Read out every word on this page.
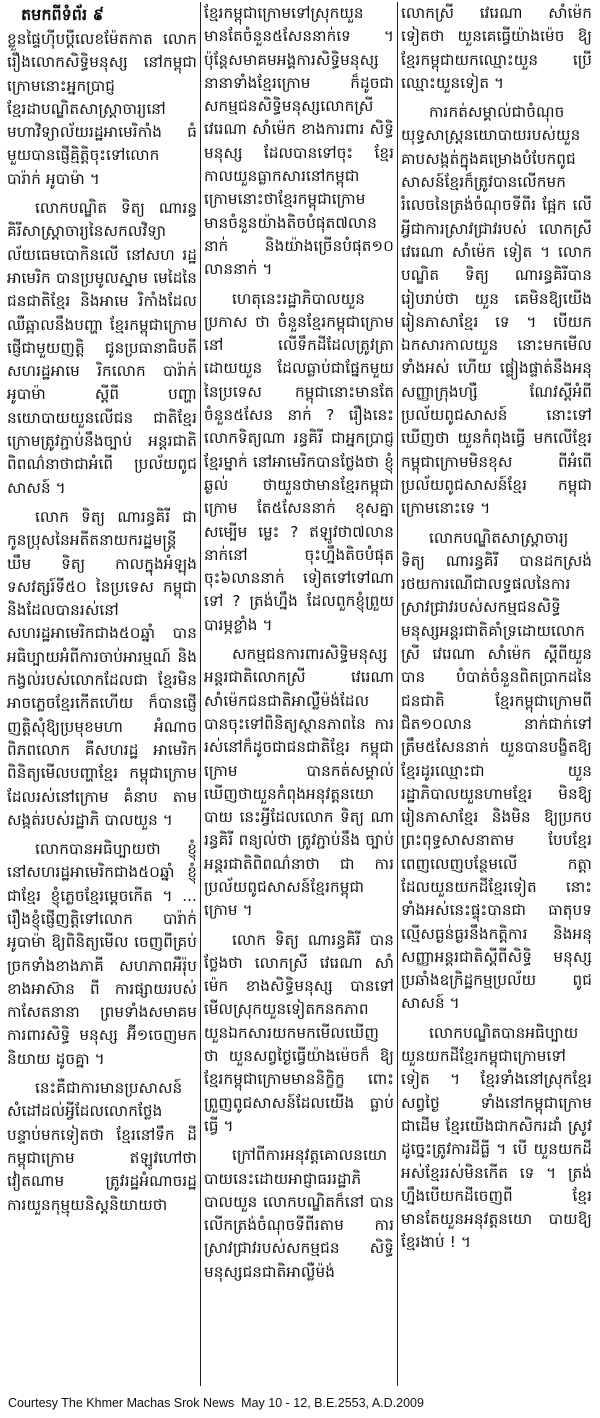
តមកពីទំព័រ ៩

ខ្លួនផ្ទៃហ៊ីបប្តីលេខម៉ែតកាត លោករឿងលោកសិទ្ធិមនុស្ស នៅកម្ពុជាក្រោមនោះអ្នកប្រាជ្ញ ខ្មែរដាបណ្ឌិតសាស្ត្រាចារ្យនៅ មហាវិទ្យាល័យរដ្ឋអាមេរិកាំង ធំមួយបានផ្ញើគ្មិតិ្តចុះទៅលោក បារ៉ាក់ អូបាម៉ា ។

លោកបណ្ឌិត ទិត្យ ណារន្ធ គិរីសាស្ត្រាចារ្យនៃសកលវិទ្យា ល័យធេមបោកិនលើ នៅសហ រដ្ឋអាមេរិក បានប្រមូលស្នាម មេដៃនៃជនជាតិខ្មែរ និងអាមេ រិកាំងដែលឈឺឆ្អាលនឹងបញ្ហា ខ្មែរកម្ពុជាក្រោមផ្ញើជាមួយញត្តិ ជូនប្រធានាធិបតីសហរដ្ឋអាមេ រិកលោក បារ៉ាក់ អូបាម៉ា ស្តីពី បញ្ហានយោបាយយួនលើជន ជាតិខ្មែរក្រោមត្រូវភ្ជាប់នឹងច្បាប់ អន្តរជាតិ ពិពណ៌នាថាជាអំពើ ប្រល័យពូជសាសន៍ ។

លោក ទិត្យ ណារន្ធគិរី ជា កូនប្រុសនៃអតីតនាយករដ្ឋមន្ត្រី ឃឹម ទិត្យ កាលក្នុងអំឡុង ទសវត្សរ៍ទី៥០ នៃប្រទេស កម្ពុជា និងដែលបានរស់នៅ សហរដ្ឋអាមេរិកជាង៥០ឆ្នាំ បានអធិប្បាយអំពីការចាប់អារម្មណ៍ និងកង្វល់របស់លោកដែលជា ខ្មែរមិនអាចភ្លេចខ្មែរកើតហើយ ក៏បានផ្ញើញត្តិសុំឱ្យប្រមុខមហា អំណាចពិភពលោក គឺសហរដ្ឋ អាមេរិកពិនិត្យមើលបញ្ហាខ្មែរ កម្ពុជាក្រោមដែលរស់នៅក្រោម គំនាប តាមសង្កត់របស់រដ្ឋាភិ បាលយួន ។

លោកបានអធិប្បាយថា ខ្ញុំ នៅសហរដ្ឋអាមេរិកជាង៥០ឆ្នាំ ខ្ញុំជាខ្មែរ ខ្ញុំភ្លេចខ្មែរម្តេចកើត ។ ... រឿងខ្ញុំផ្ញើញត្តិទៅលោក បារ៉ាក់ អូបាម៉ា ឱ្យពិនិត្យមើល ចេញពីគ្រប់ច្រកទាំងខាងភាគី សហភាពអឺរ៉ុប ខាងអាស៊ាន ពី ការផ្សាយរបស់កាសែតនានា ព្រមទាំងសមាគមការពារសិទ្ធិ មនុស្ស អ៊ី១ចេញមកនិយាយ ដូចគ្នា ។

នេះគឺជាការមានប្រសាសន៍ សំដៅដល់អ្វីដែលលោកថ្លែង បន្ទាប់មកទៀតថា ខ្មែរនៅទឹក ដីកម្ពុជាក្រោម ឥឡូវហៅថា វៀតណាម ត្រូវរដ្ឋអំណាចរដ្ឋ ការយួនកុម្មុយនិស្តនិយាយថា

ខ្មែរកម្ពុជាក្រោមទៅស្រុកយួន មានតែចំនួន៥សែននាក់ទេ ។ ប៉ុន្តែសមាគមអង្គការសិទ្ធិមនុស្ស នានាទាំងខ្មែរក្រោម ក៏ដូចជា សកម្មជនសិទ្ធិមនុស្សលោកស្រី វេរេណា សាំម៉េក ខាងការពារ សិទ្ធិមនុស្ស ដែលបានទៅចុះ ខ្មែរកាលយួនធ្លាកសារនៅកម្ពុជា ក្រោមនោះថាខ្មែរកម្ពុជាក្រោម មានចំនួនយ៉ាងតិចបំផុត៧លាន នាក់ និងយ៉ាងច្រើនបំផុត១០ លាននាក់ ។

ហេតុនេះរដ្ឋាភិបាលយួនប្រកាស ថា ចំនួនខ្មែរកម្ពុជាក្រោមនៅ លើទឹកដីដែលត្រូវត្រាដោយយួន ដែលធ្លាប់ជាផ្នែកមួយនៃប្រទេស កម្ពុជានោះមានតែចំនួន៥សែន នាក់ ? រឿងនេះលោកទិត្យណា រន្ធគិរី ជាអ្នកប្រាជ្ញខ្មែរម្នាក់ នៅអាមេរិកបានថ្លែងថា ខ្ញុំឆ្ងល់ ថាយួនថាមានខ្មែរកម្ពុជាក្រោម តែ៥សែននាក់ ខុសគ្នាសម្បើម ម្លេះ ? ឥឡូវថា៧លាននាក់នៅ ចុះហ្នឹងតិចបំផុតចុះ៦លាននាក់ ទៀតទៅទៅណាទៅ ? ត្រង់ហ្នឹង ដែលពួកខ្ញុំព្រួយបារម្ភខ្លាំង ។

សកម្មជនការពារសិទ្ធិមនុស្ស អន្តរជាតិលោកស្រី វេរេណា សាំម៉េកជនជាតិអាល្លឺម៉ង់ដែល បានចុះទៅពិនិត្យស្ថានភាពនៃ ការរស់នៅក៏ដូចជាជនជាតិខ្មែរ កម្ពុជាក្រោម បានកត់សម្គាល់ ឃើញថាយួនកំពុងអនុវត្តនយោ បាយ នេះអ្វីដែលលោក ទិត្យ ណារន្ធគិរី ពន្យល់ថា ត្រូវភ្ជាប់នឹង ច្បាប់អន្តរជាតិពិពណ៌នាថា ជា ការប្រល័យពូជសាសន៍ខ្មែរកម្ពុជា ក្រោម ។

លោក ទិត្យ ណារន្ធគិរី បាន ថ្លែងថា លោកស្រី វេរេណា សាំ ម៉េក ខាងសិទ្ធិមនុស្ស បានទៅ មើលស្រុកយួនទៀតកនកភាព យួនឯកសារយកមកមើលឃើញ ថា យួនសព្វថ្ងៃធ្វើយ៉ាងម៉េចក៏ ឱ្យខ្មែរកម្ពុជាក្រោមមាននិក្ខិក្ខ ពោះព្រួញពូជសាសន៍ដែលយើង ធ្លាប់ធ្វើ ។

ក្រៅពីការអនុវត្តគោលនយោ បាយនេះដោយអាជ្ញាធររដ្ឋាភិ បាលយួន លោកបណ្ឌិតក៏នៅ បានលើកត្រង់ចំណុចទីពីរតាម ការស្រាវជ្រាវរបស់សកម្មជន សិទ្ធិមនុស្សជនជាតិអាល្លឺម៉ង់

លោកស្រី វេរេណា សាំម៉េក ទៀតថា យួនគេធ្វើយ៉ាងម៉េច ឱ្យខ្មែរកម្ពុជាយកឈ្មោះយួន ប្រើឈ្មោះយួនទៀត ។

ការកត់សម្គាល់ជាចំណុច យុទ្ធសាស្ត្រនយោបាយរបស់យួន គាបសង្កត់ក្នុងគម្រោងបំបែកពូជ សាសន៍ខ្មែរក៏ត្រូវបានលើកមក រំលេចនៃត្រង់ចំណុចទីពីរ ផ្អែក លើអ្វីជាការស្រាវជ្រាវរបស់ លោកស្រី វេរេណា សាំម៉េក ទៀត ។ លោកបណ្ឌិត ទិត្យ ណារន្ធគិរីបានរៀបរាប់ថា យួន គេមិនឱ្យយើងរៀនភាសាខ្មែរ ទេ ។ បើយកឯកសារកាលយួន នោះមកមើលទាំងអស់ ហើយ ផ្ទៀងផ្ទាត់នឹងអនុសញ្ញាក្រុងហ្សឺ ណែវស្តីអំពីប្រល័យពូជសាសន៍ នោះទៅ ឃើញថា យួនកំពុងធ្វើ មកលើខ្មែរកម្ពុជាក្រោមមិនខុស ពីអំពើប្រល័យពូជសាសន៍ខ្មែរ កម្ពុជាក្រោមនោះទេ ។

លោកបណ្ឌិតសាស្ត្រាចារ្យ ទិត្យ ណារន្ធគិរី បានដកស្រង់ រថយការណើជាលទ្ធផលនៃការ ស្រាវជ្រាវរបស់សកម្មជនសិទ្ធិ មនុស្សអន្តរជាតិគាំទ្រដោយលោកស្រី វេរេណា សាំម៉េក ស្តីពីយួនបាន បំបាត់ចំនួនពិតប្រាកដនៃជនជាតិ ខ្មែរកម្ពុជាក្រោមពីជិត១០លាន នាក់ជាក់ទៅត្រឹម៥សែននាក់ យួនបានបង្ខិតឱ្យខ្មែរដូរឈ្មោះជា យួន រដ្ឋាភិបាលយួនហាមខ្មែរ មិនឱ្យរៀនភាសាខ្មែរ និងមិន ឱ្យប្រកបព្រះពុទ្ធសាសនាតាម បែបខ្មែរពេញលេញបន្ថែមលើ កត្តាដែលយួនយកដីខ្មែរទៀត នោះ ទាំងអស់នេះផ្ទុះបានជា ធាតុបទល្មើសធ្ងន់ធ្ងរនឹងកត្តិការ និងអនុសញ្ញាអន្តរជាតិស្តីពីសិទ្ធិ មនុស្សប្រឆាំងឧក្រិដ្ឋកម្មប្រល័យ ពូជសាសន៍ ។

លោកបណ្ឌិតបានអធិប្បាយ យួនយកដីខ្មែរកម្ពុជាក្រោមទៅ ទៀត ។ ខ្មែរទាំងនៅស្រុកខ្មែរ សព្វថ្ងៃ ទាំងនៅកម្ពុជាក្រោម ជាដើម ខ្មែរយើងជាកសិករដាំ ស្រូវ ដូច្នេះត្រូវការដីធ្លី ។ បើ យួនយកដីអស់ខ្មែររស់មិនកើត ទេ ។ ត្រង់ហ្នឹងបើយកដីចេញពី ខ្មែរ មានតែយួនអនុវត្តនយោ បាយឱ្យខ្មែរងាប់ ! ។

Courtesy The Khmer Machas Srok News  May 10 - 12, B.E.2553, A.D.2009
